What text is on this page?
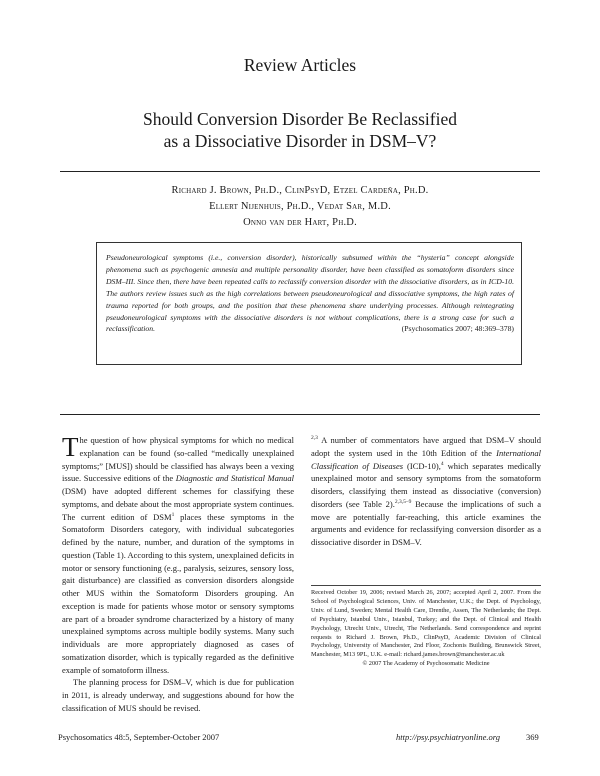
Review Articles
Should Conversion Disorder Be Reclassified
as a Dissociative Disorder in DSM–V?
Richard J. Brown, Ph.D., ClinPsyD, Etzel Cardeña, Ph.D.
Ellert Nijenhuis, Ph.D., Vedat Sar, M.D.
Onno van der Hart, Ph.D.
Pseudoneurological symptoms (i.e., conversion disorder), historically subsumed within the “hysteria” concept alongside phenomena such as psychogenic amnesia and multiple personality disorder, have been classified as somatoform disorders since DSM–III. Since then, there have been repeated calls to reclassify conversion disorder with the dissociative disorders, as in ICD-10. The authors review issues such as the high correlations between pseudoneurological and dissociative symptoms, the high rates of trauma reported for both groups, and the position that these phenomena share underlying processes. Although reintegrating pseudoneurological symptoms with the dissociative disorders is not without complications, there is a strong case for such a reclassification.	(Psychosomatics 2007; 48:369–378)

The question of how physical symptoms for which no medical explanation can be found (so-called “medically unexplained symptoms;” [MUS]) should be classified has always been a vexing issue. Successive editions of the Diagnostic and Statistical Manual (DSM) have adopted different schemes for classifying these symptoms, and debate about the most appropriate system continues. The current edition of DSM$^1$ places these symptoms in the Somatoform Disorders category, with individual subcategories defined by the nature, number, and duration of the symptoms in question (Table 1). According to this system, unexplained deficits in motor or sensory functioning (e.g., paralysis, seizures, sensory loss, gait disturbance) are classified as conversion disorders alongside other MUS within the Somatoform Disorders grouping. An exception is made for patients whose motor or sensory symptoms are part of a broader syndrome characterized by a history of many unexplained symptoms across multiple bodily systems. Many such individuals are more appropriately diagnosed as cases of somatization disorder, which is typically regarded as the definitive example of somatoform illness.

The planning process for DSM–V, which is due for publication in 2011, is already underway, and suggestions abound for how the classification of MUS should be revised.

$^{2,3}$ A number of commentators have argued that DSM–V should adopt the system used in the 10th Edition of the International Classification of Diseases (ICD-10),$^4$ which separates medically unexplained motor and sensory symptoms from the somatoform disorders, classifying them instead as dissociative (conversion) disorders (see Table 2).$^{2,3,5-9}$ Because the implications of such a move are potentially far-reaching, this article examines the arguments and evidence for reclassifying conversion disorder as a dissociative disorder in DSM–V.

Received October 19, 2006; revised March 26, 2007; accepted April 2, 2007. From the School of Psychological Sciences, Univ. of Manchester, U.K.; the Dept. of Psychology, Univ. of Lund, Sweden; Mental Health Care, Drenthe, Assen, The Netherlands; the Dept. of Psychiatry, Istanbul Univ., Istanbul, Turkey; and the Dept. of Clinical and Health Psychology, Utrecht Univ., Utrecht, The Netherlands. Send correspondence and reprint requests to Richard J. Brown, Ph.D., ClinPsyD, Academic Division of Clinical Psychology, University of Manchester, 2nd Floor, Zochonis Building, Brunswick Street, Manchester, M13 9PL, U.K. e-mail: richard.james.brown@manchester.ac.uk
© 2007 The Academy of Psychosomatic Medicine
Psychosomatics 48:5, September-October 2007	http://psy.psychiatryonline.org	369
